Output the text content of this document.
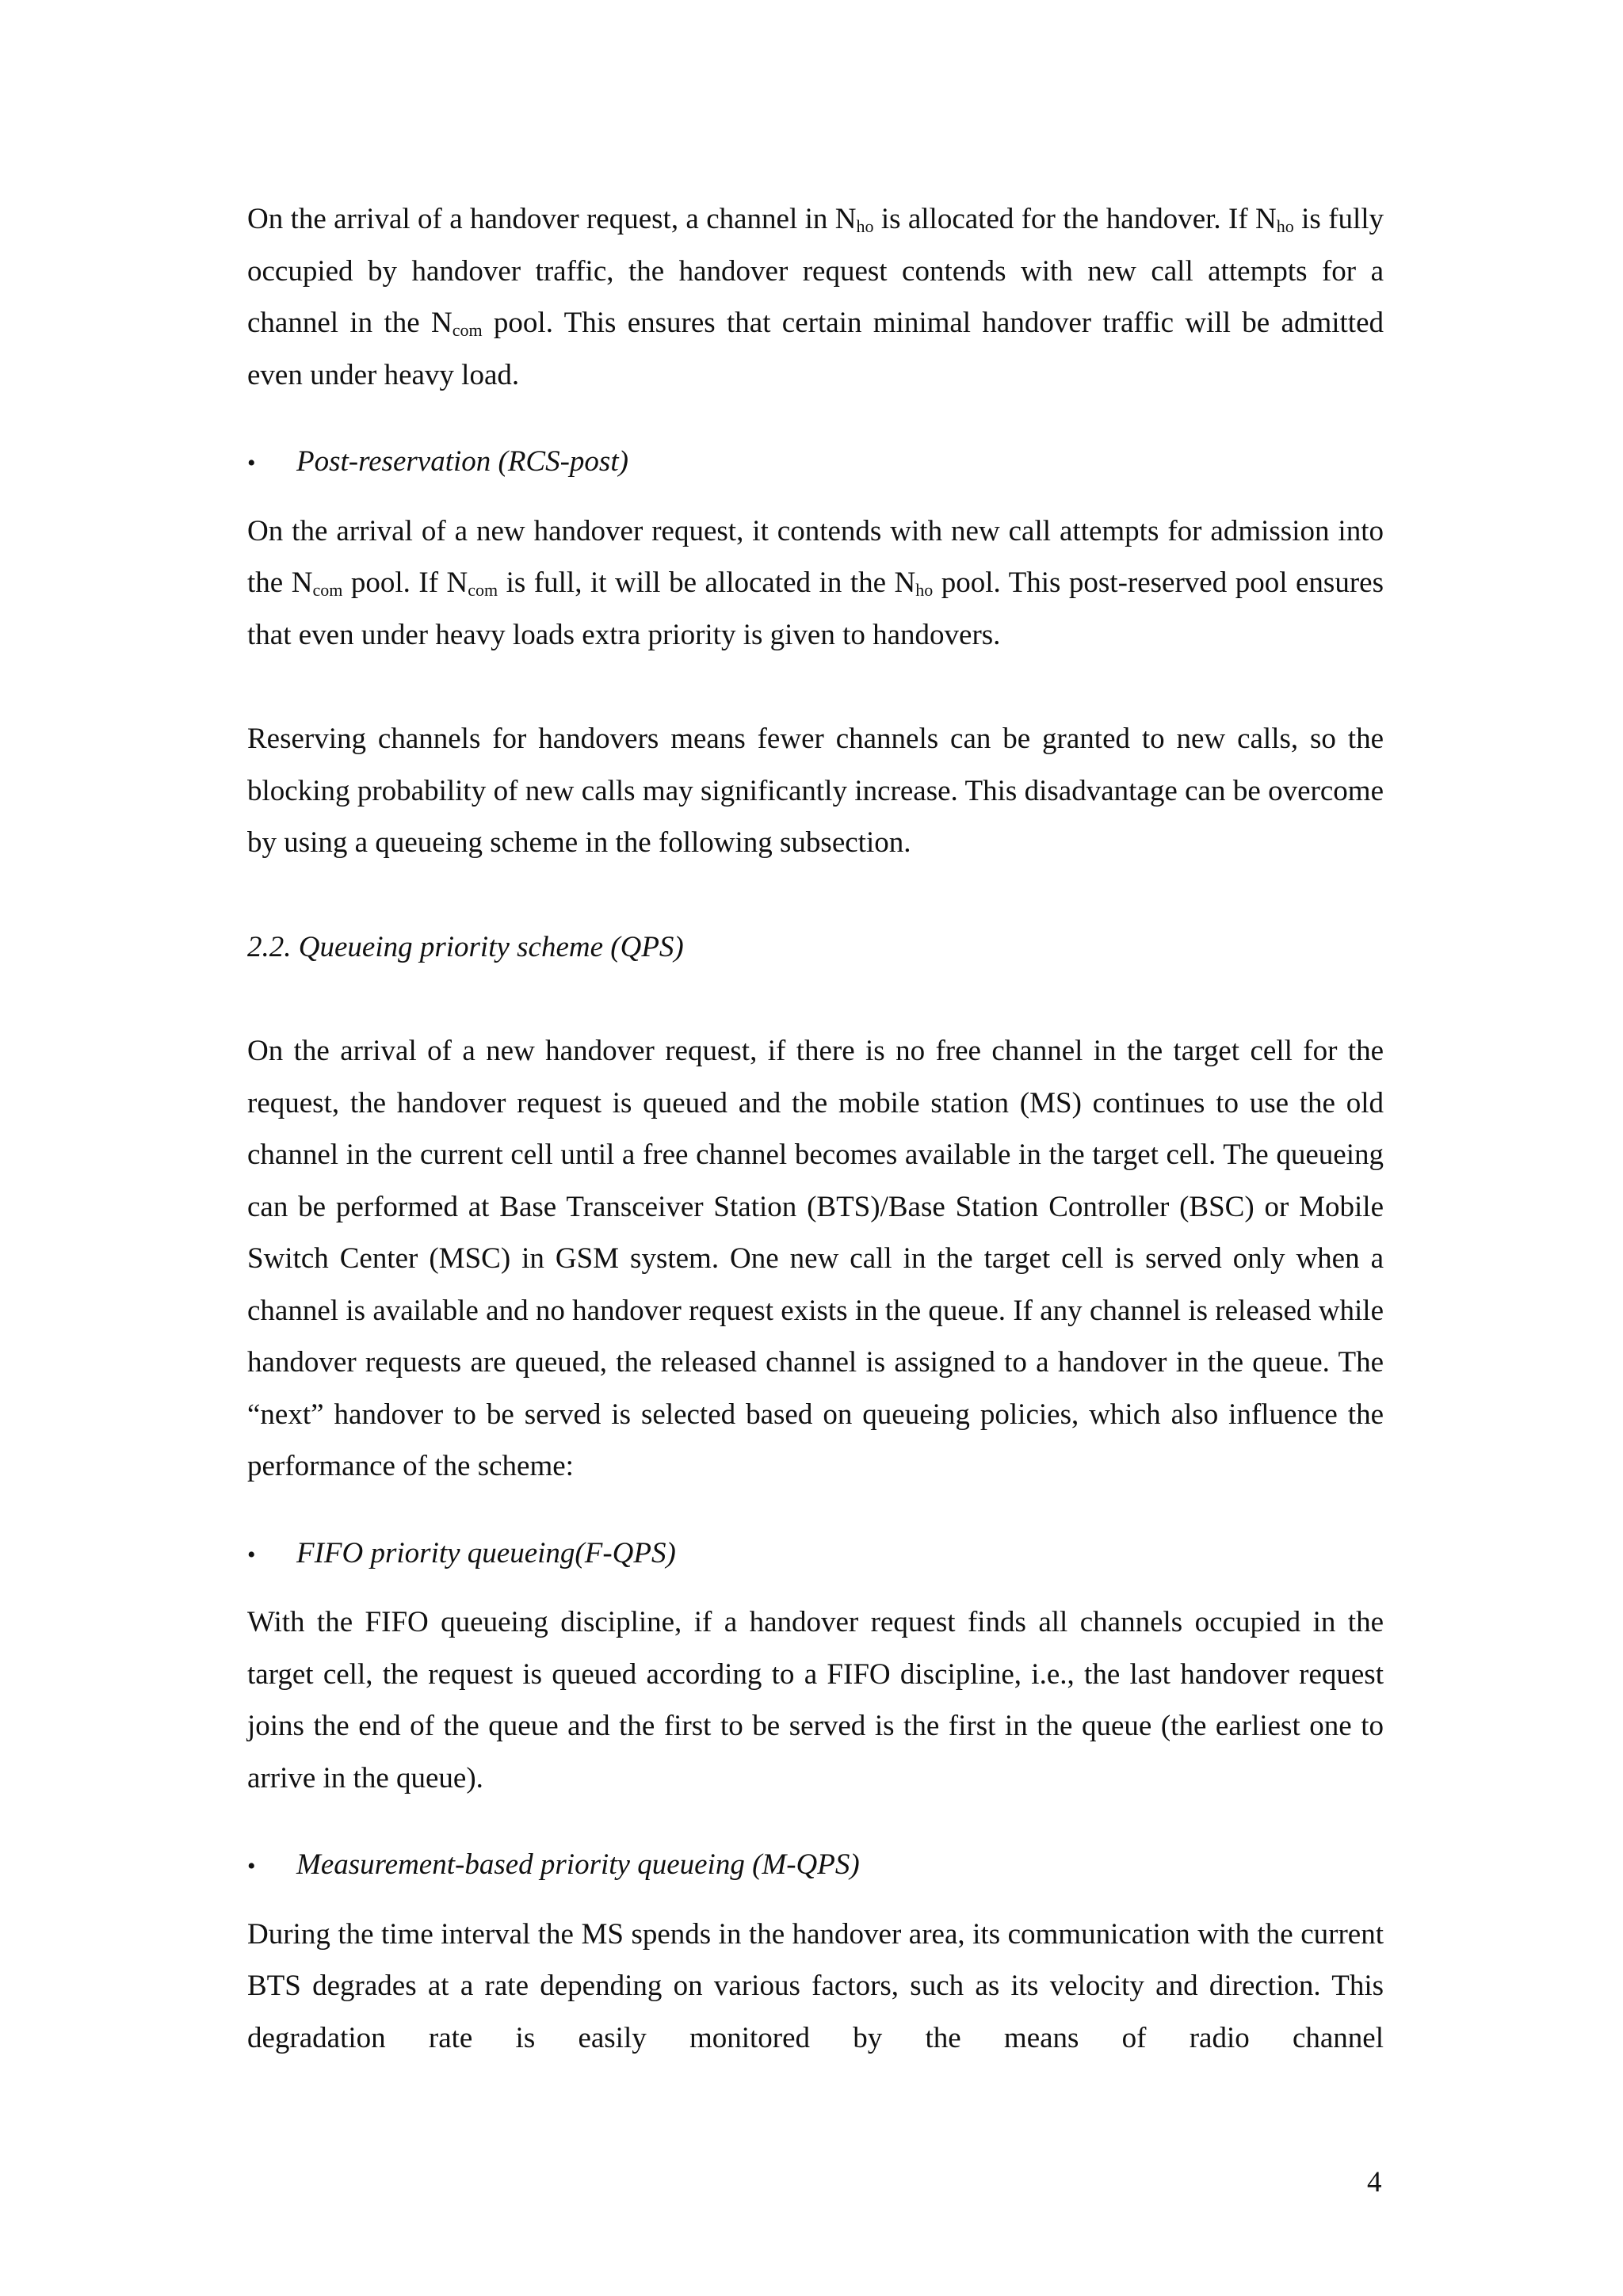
On the arrival of a handover request, a channel in $N_{ho}$ is allocated for the handover. If $N_{ho}$ is fully occupied by handover traffic, the handover request contends with new call attempts for a channel in the $N_{com}$ pool. This ensures that certain minimal handover traffic will be admitted even under heavy load.

•	Post-reservation (RCS-post)

On the arrival of a new handover request, it contends with new call attempts for admission into the $N_{com}$ pool. If $N_{com}$ is full, it will be allocated in the $N_{ho}$ pool. This post-reserved pool ensures that even under heavy loads extra priority is given to handovers.

Reserving channels for handovers means fewer channels can be granted to new calls, so the blocking probability of new calls may significantly increase. This disadvantage can be overcome by using a queueing scheme in the following subsection.

2.2. Queueing priority scheme (QPS)

On the arrival of a new handover request, if there is no free channel in the target cell for the request, the handover request is queued and the mobile station (MS) continues to use the old channel in the current cell until a free channel becomes available in the target cell. The queueing can be performed at Base Transceiver Station (BTS)/Base Station Controller (BSC) or Mobile Switch Center (MSC) in GSM system. One new call in the target cell is served only when a channel is available and no handover request exists in the queue. If any channel is released while handover requests are queued, the released channel is assigned to a handover in the queue. The “next” handover to be served is selected based on queueing policies, which also influence the performance of the scheme:

•	FIFO priority queueing(F-QPS)

With the FIFO queueing discipline, if a handover request finds all channels occupied in the target cell, the request is queued according to a FIFO discipline, i.e., the last handover request joins the end of the queue and the first to be served is the first in the queue (the earliest one to arrive in the queue).

•	Measurement-based priority queueing (M-QPS)

During the time interval the MS spends in the handover area, its communication with the current BTS degrades at a rate depending on various factors, such as its velocity and direction. This degradation rate is easily monitored by the means of radio channel

4
